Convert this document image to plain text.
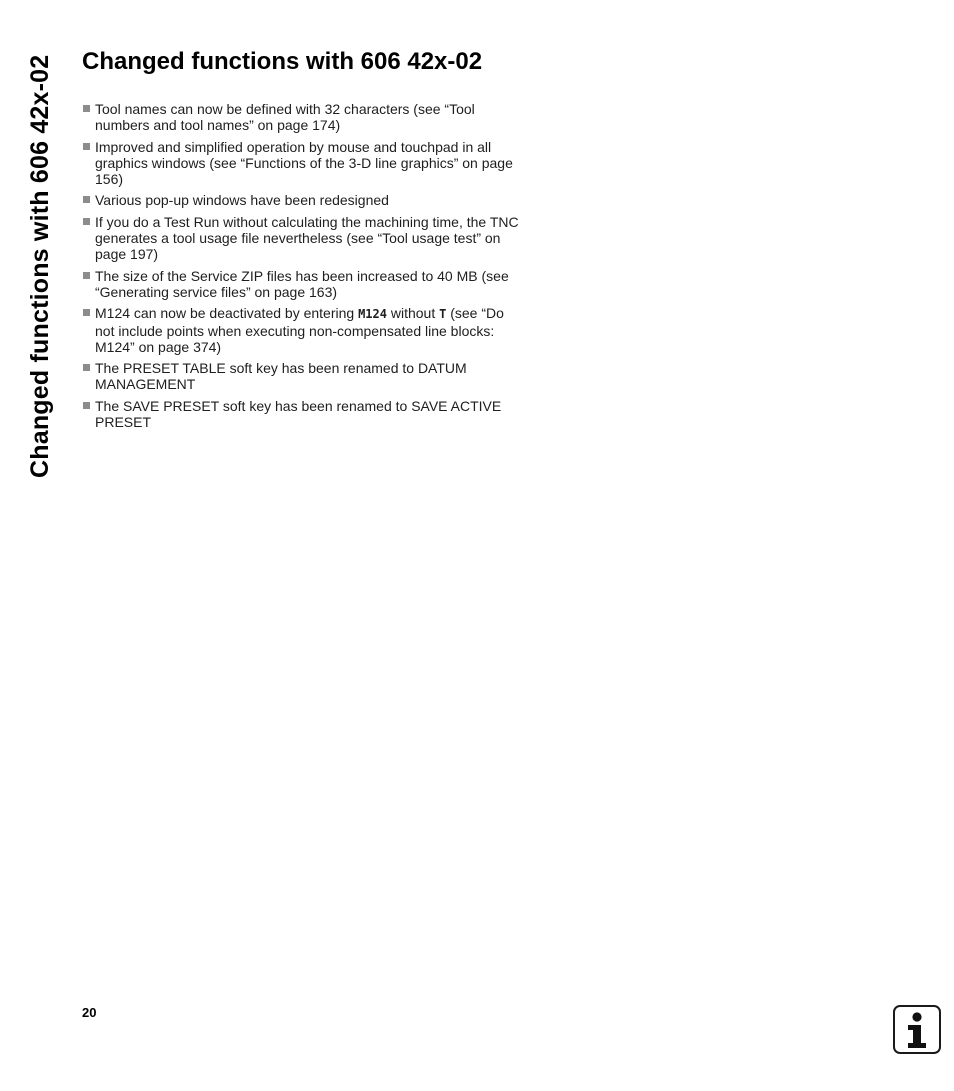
Changed functions with 606 42x-02 Changed functions with 606 42x-02
Tool names can now be defined with 32 characters (see “Tool numbers and tool names” on page 174)
Improved and simplified operation by mouse and touchpad in all graphics windows (see “Functions of the 3-D line graphics” on page 156)
Various pop-up windows have been redesigned
If you do a Test Run without calculating the machining time, the TNC generates a tool usage file nevertheless (see “Tool usage test” on page 197)
The size of the Service ZIP files has been increased to 40 MB (see “Generating service files” on page 163)
M124 can now be deactivated by entering M124 without T (see “Do not include points when executing non-compensated line blocks: M124” on page 374)
The PRESET TABLE soft key has been renamed to DATUM MANAGEMENT
The SAVE PRESET soft key has been renamed to SAVE ACTIVE PRESET
20
